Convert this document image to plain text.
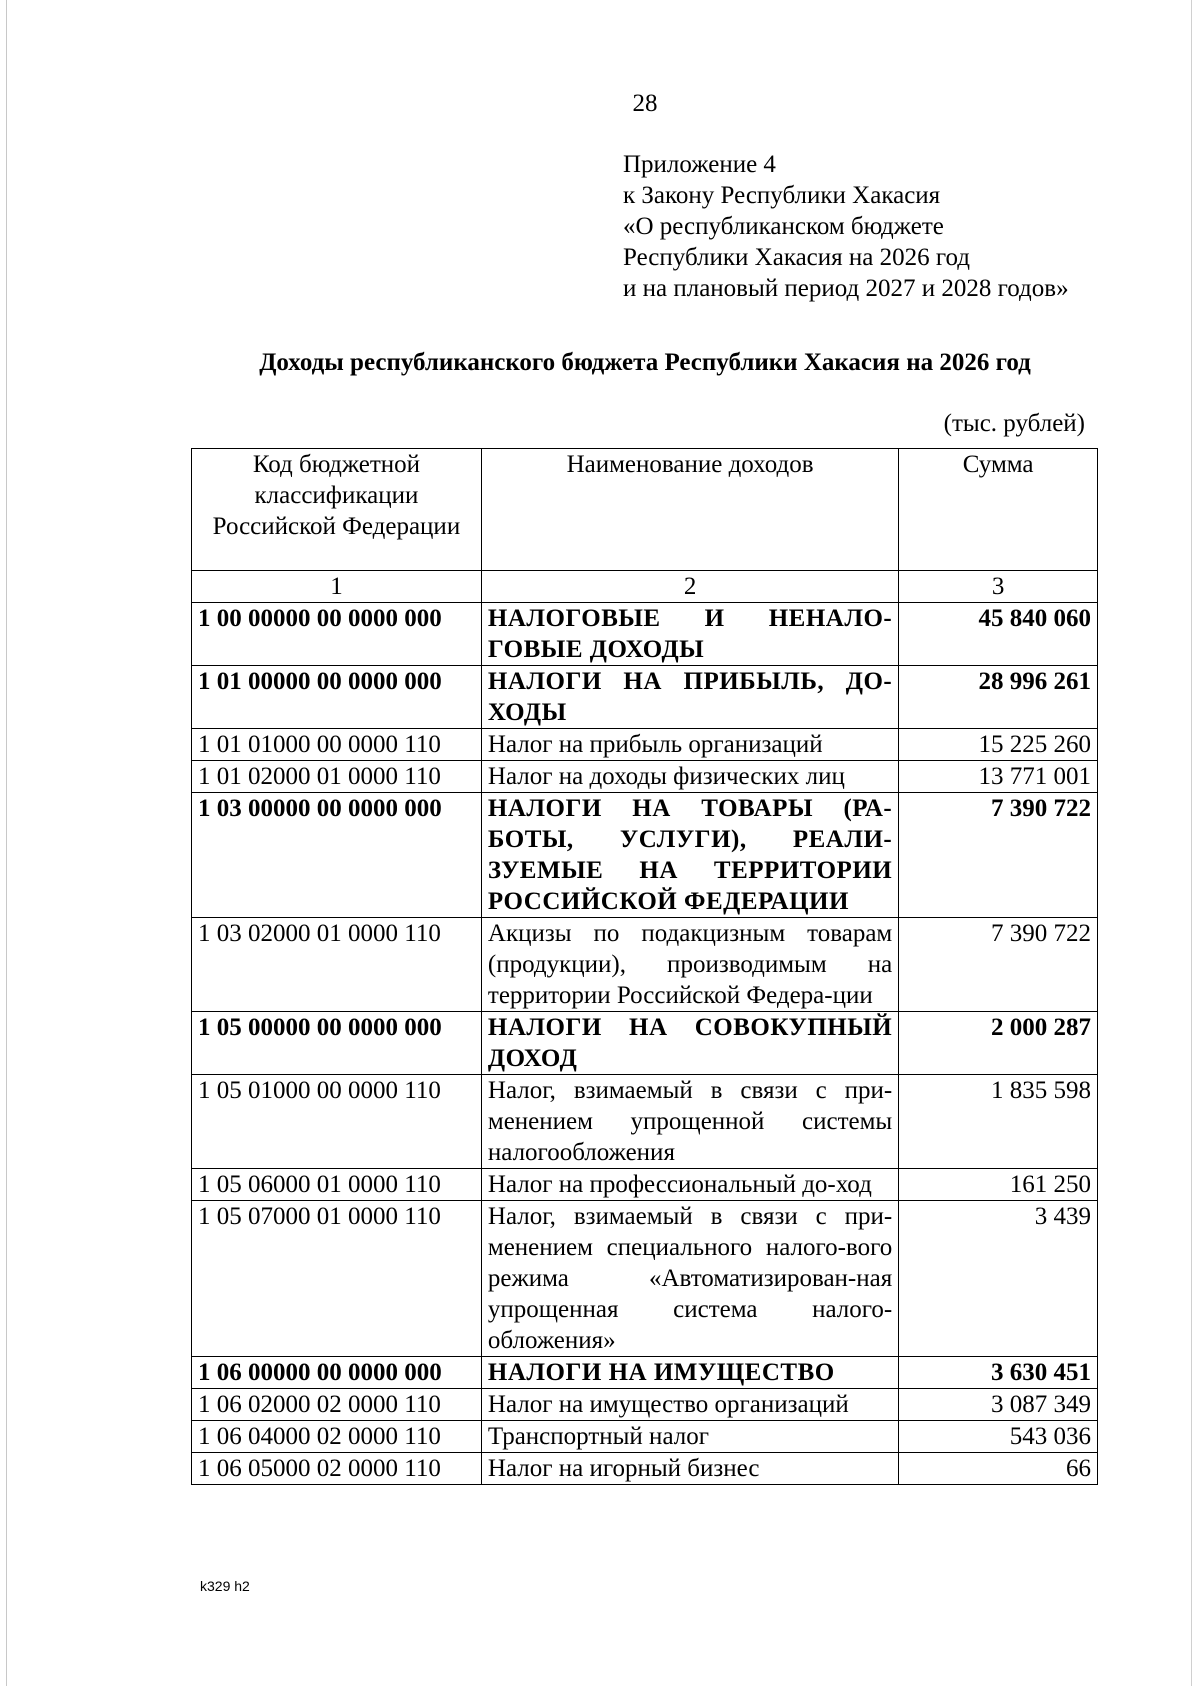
28
Приложение 4
к Закону Республики Хакасия
«О республиканском бюджете
Республики Хакасия на 2026 год
и на плановый период 2027 и 2028 годов»
Доходы республиканского бюджета Республики Хакасия на 2026 год
(тыс. рублей)
Код бюджетной классификации Российской Федерации	Наименование доходов	Сумма
1	2	3
1 00 00000 00 0000 000	НАЛОГОВЫЕ И НЕНАЛО-ГОВЫЕ ДОХОДЫ	45 840 060
1 01 00000 00 0000 000	НАЛОГИ НА ПРИБЫЛЬ, ДО-ХОДЫ	28 996 261
1 01 01000 00 0000 110	Налог на прибыль организаций	15 225 260
1 01 02000 01 0000 110	Налог на доходы физических лиц	13 771 001
1 03 00000 00 0000 000	НАЛОГИ НА ТОВАРЫ (РА-БОТЫ, УСЛУГИ), РЕАЛИ-ЗУЕМЫЕ НА ТЕРРИТОРИИ РОССИЙСКОЙ ФЕДЕРАЦИИ	7 390 722
1 03 02000 01 0000 110	Акцизы по подакцизным товарам (продукции), производимым на территории Российской Федера-ции	7 390 722
1 05 00000 00 0000 000	НАЛОГИ НА СОВОКУПНЫЙ ДОХОД	2 000 287
1 05 01000 00 0000 110	Налог, взимаемый в связи с при-менением упрощенной системы налогообложения	1 835 598
1 05 06000 01 0000 110	Налог на профессиональный до-ход	161 250
1 05 07000 01 0000 110	Налог, взимаемый в связи с при-менением специального налого-вого режима «Автоматизирован-ная упрощенная система налого-обложения»	3 439
1 06 00000 00 0000 000	НАЛОГИ НА ИМУЩЕСТВО	3 630 451
1 06 02000 02 0000 110	Налог на имущество организаций	3 087 349
1 06 04000 02 0000 110	Транспортный налог	543 036
1 06 05000 02 0000 110	Налог на игорный бизнес	66
k329 h2
